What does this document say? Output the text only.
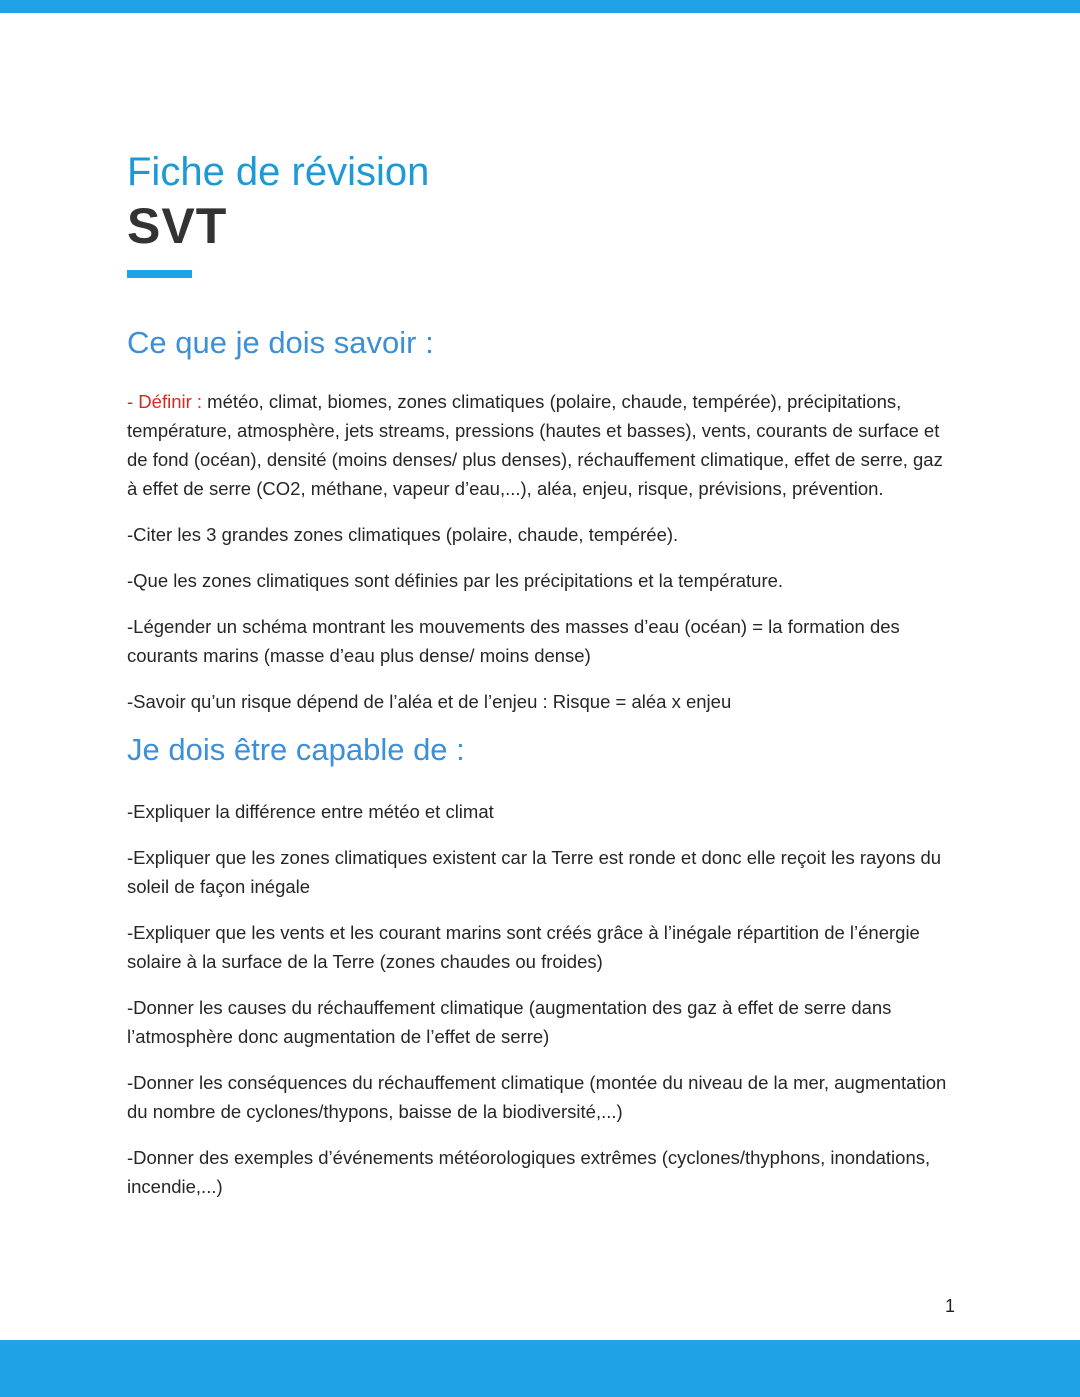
Fiche de révision
SVT
Ce que je dois savoir :

- Définir : météo, climat, biomes, zones climatiques (polaire, chaude, tempérée), précipitations, température, atmosphère, jets streams, pressions (hautes et basses), vents, courants de surface et de fond (océan), densité (moins denses/ plus denses), réchauffement climatique, effet de serre, gaz à effet de serre (CO2, méthane, vapeur d’eau,...), aléa, enjeu, risque, prévisions, prévention.

-Citer les 3 grandes zones climatiques (polaire, chaude, tempérée).

-Que les zones climatiques sont définies par les précipitations et la température.

-Légender un schéma montrant les mouvements des masses d’eau (océan) = la formation des courants marins (masse d’eau plus dense/ moins dense)

-Savoir qu’un risque dépend de l’aléa et de l’enjeu : Risque = aléa x enjeu

Je dois être capable de :

-Expliquer la différence entre météo et climat

-Expliquer que les zones climatiques existent car la Terre est ronde et donc elle reçoit les rayons du soleil de façon inégale

-Expliquer que les vents et les courant marins sont créés grâce à l’inégale répartition de l’énergie solaire à la surface de la Terre (zones chaudes ou froides)

-Donner les causes du réchauffement climatique (augmentation des gaz à effet de serre dans l’atmosphère donc augmentation de l’effet de serre)

-Donner les conséquences du réchauffement climatique (montée du niveau de la mer, augmentation du nombre de cyclones/thypons, baisse de la biodiversité,...)

-Donner des exemples d’événements météorologiques extrêmes (cyclones/thyphons, inondations, incendie,...)

1
